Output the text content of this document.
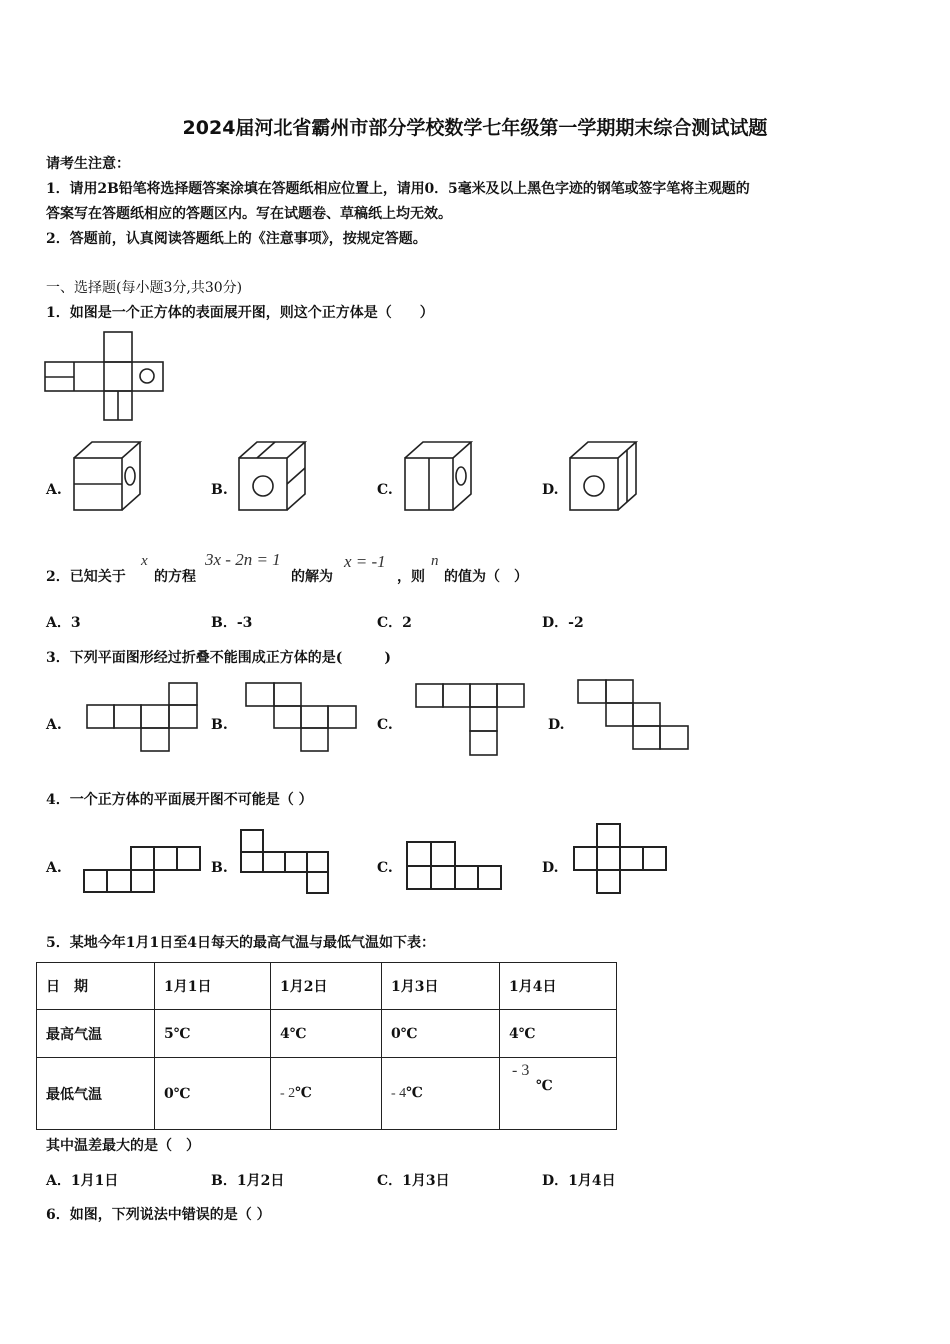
2024届河北省霸州市部分学校数学七年级第一学期期末综合测试试题
请考生注意：
1．请用2B铅笔将选择题答案涂填在答题纸相应位置上，请用0．5毫米及以上黑色字迹的钢笔或签字笔将主观题的
答案写在答题纸相应的答题区内。写在试题卷、草稿纸上均无效。
2．答题前，认真阅读答题纸上的《注意事项》，按规定答题。
一、选择题(每小题3分,共30分)
1．如图是一个正方体的表面展开图，则这个正方体是（　　）
A.	B.	C.	D.
2．已知关于
x
的方程
3x - 2n = 1
的解为
x = -1
，则
n
的值为（　）
A．3	B．-3	C．2	D．-2
3．下列平面图形经过折叠不能围成正方体的是(　　　)
A.	B.	C.	D.
4．一个正方体的平面展开图不可能是（ ）
A.	B.	C.	D.
5．某地今年1月1日至4日每天的最高气温与最低气温如下表：
日　期	1月1日	1月2日	1月3日	1月4日
最高气温	5℃	4℃	0℃	4℃
最低气温	0℃	- 2℃	- 4℃	- 3
℃
其中温差最大的是（　）
A．1月1日	B．1月2日	C．1月3日	D．1月4日
6．如图，下列说法中错误的是（ ）
